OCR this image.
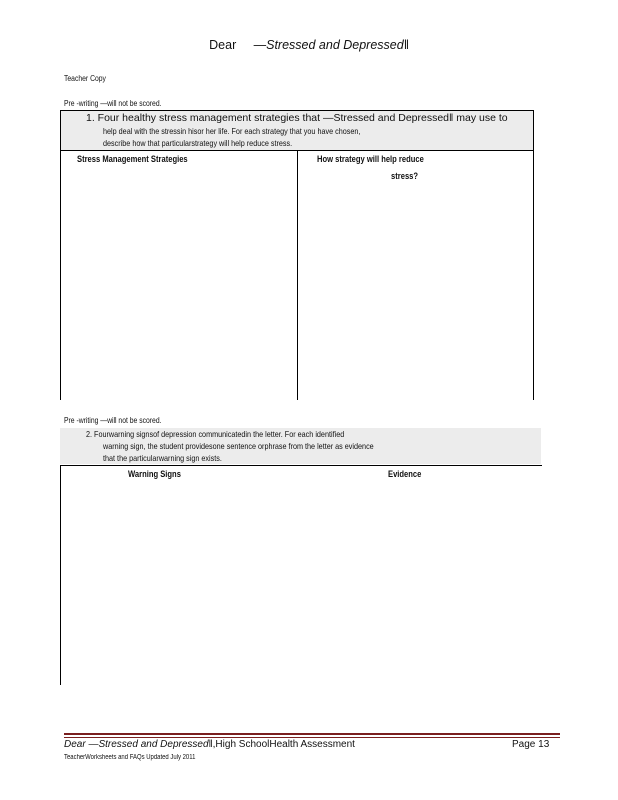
Dear —Stressed and Depressed‖
Teacher Copy
Pre -writing —will not be scored.
1. Four healthy stress management strategies that —Stressed and Depressed‖ may use to
help deal with the stressin hisor her life. For each strategy that you have chosen,
describe how that particularstrategy will help reduce stress.
Stress Management Strategies	How strategy will help reduce
stress?
Pre -writing —will not be scored.
2. Fourwarning signsof depression communicatedin the letter. For each identified
warning sign, the student providesone sentence orphrase from the letter as evidence
that the particularwarning sign exists.
Warning Signs	Evidence
Dear —Stressed and Depressed‖,High SchoolHealth Assessment	Page 13
TeacherWorksheets and FAQs Updated July 2011
